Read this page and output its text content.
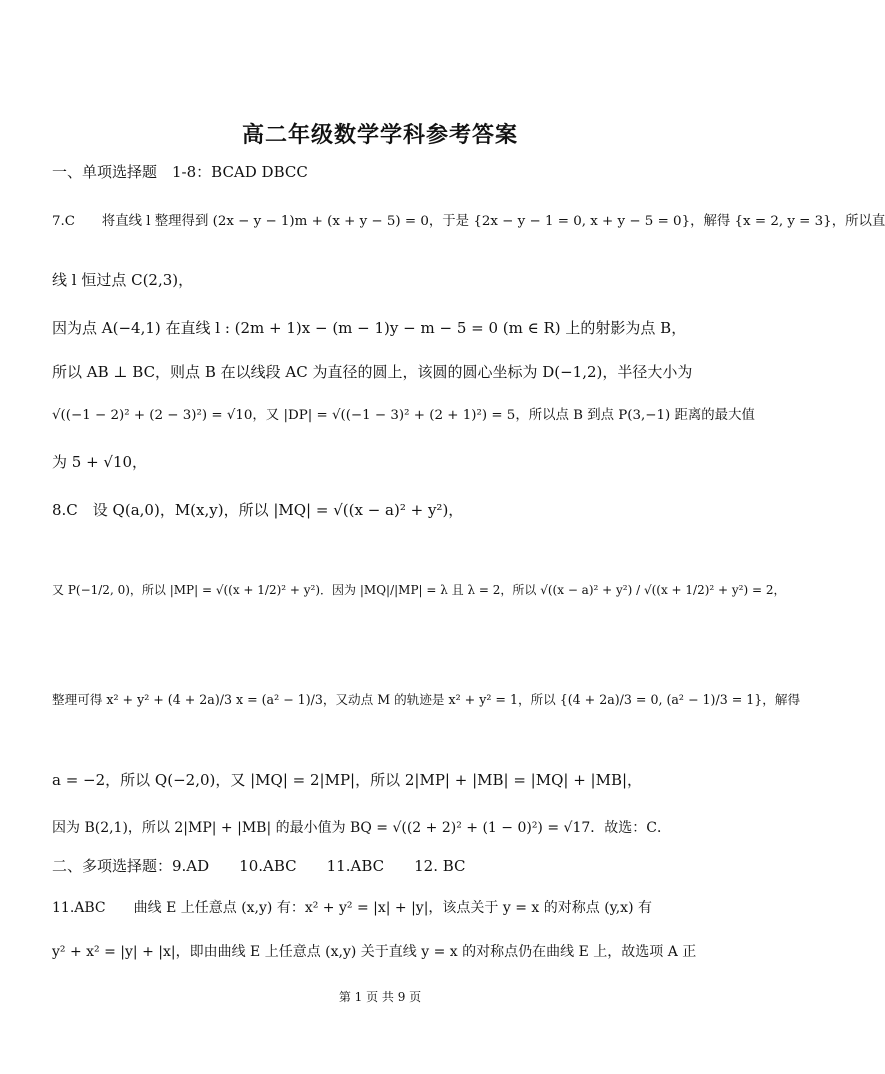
高二年级数学学科参考答案
一、单项选择题　1-8：BCAD DBCC
7.C　　将直线 l 整理得到 (2x − y − 1)m + (x + y − 5) = 0，于是 {2x − y − 1 = 0, x + y − 5 = 0}，解得 {x = 2, y = 3}，所以直
线 l 恒过点 C(2,3)，
因为点 A(−4,1) 在直线 l : (2m + 1)x − (m − 1)y − m − 5 = 0 (m ∈ R) 上的射影为点 B，
所以 AB ⊥ BC，则点 B 在以线段 AC 为直径的圆上，该圆的圆心坐标为 D(−1,2)，半径大小为
√((−1 − 2)² + (2 − 3)²) = √10，又 |DP| = √((−1 − 3)² + (2 + 1)²) = 5，所以点 B 到点 P(3,−1) 距离的最大值
为 5 + √10，
8.C　设 Q(a,0)，M(x,y)，所以 |MQ| = √((x − a)² + y²)，
又 P(−1/2, 0)，所以 |MP| = √((x + 1/2)² + y²)．因为 |MQ|/|MP| = λ 且 λ = 2，所以 √((x − a)² + y²) / √((x + 1/2)² + y²) = 2，
整理可得 x² + y² + (4 + 2a)/3 x = (a² − 1)/3，又动点 M 的轨迹是 x² + y² = 1，所以 {(4 + 2a)/3 = 0, (a² − 1)/3 = 1}，解得
a = −2，所以 Q(−2,0)，又 |MQ| = 2|MP|，所以 2|MP| + |MB| = |MQ| + |MB|，
因为 B(2,1)，所以 2|MP| + |MB| 的最小值为 BQ = √((2 + 2)² + (1 − 0)²) = √17．故选：C．
二、多项选择题：9.AD　　10.ABC　　11.ABC　　12. BC
11.ABC　　曲线 E 上任意点 (x,y) 有：x² + y² = |x| + |y|，该点关于 y = x 的对称点 (y,x) 有
y² + x² = |y| + |x|，即由曲线 E 上任意点 (x,y) 关于直线 y = x 的对称点仍在曲线 E 上，故选项 A 正
第 1 页 共 9 页
